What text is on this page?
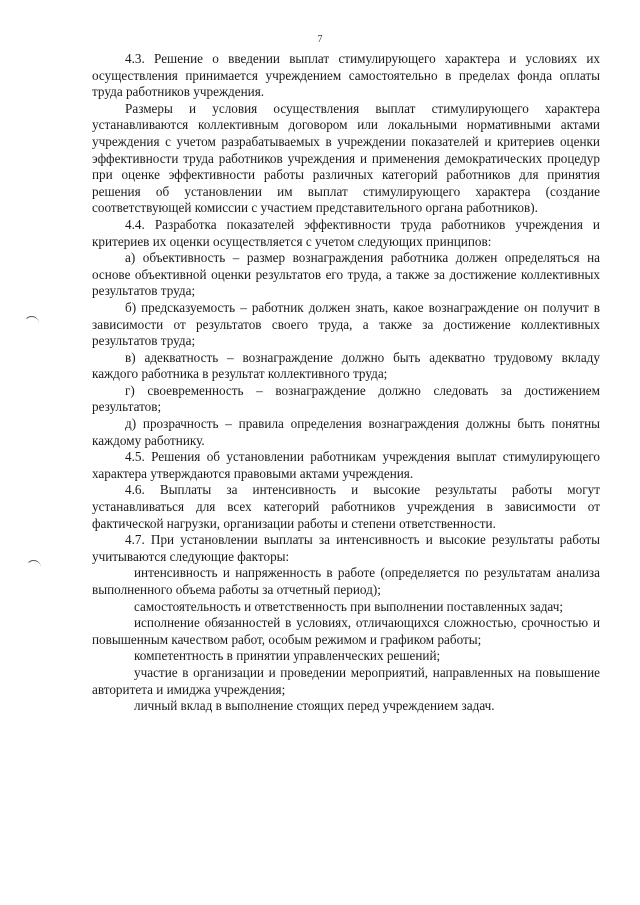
7

4.3. Решение о введении выплат стимулирующего характера и условиях их осуществления принимается учреждением самостоятельно в пределах фонда оплаты труда работников учреждения.

Размеры и условия осуществления выплат стимулирующего характера устанавливаются коллективным договором или локальными нормативными актами учреждения с учетом разрабатываемых в учреждении показателей и критериев оценки эффективности труда работников учреждения и применения демократических процедур при оценке эффективности работы различных категорий работников для принятия решения об установлении им выплат стимулирующего характера (создание соответствующей комиссии с участием представительного органа работников).

4.4. Разработка показателей эффективности труда работников учреждения и критериев их оценки осуществляется с учетом следующих принципов:

а) объективность – размер вознаграждения работника должен определяться на основе объективной оценки результатов его труда, а также за достижение коллективных результатов труда;

б) предсказуемость – работник должен знать, какое вознаграждение он получит в зависимости от результатов своего труда, а также за достижение коллективных результатов труда;

в) адекватность – вознаграждение должно быть адекватно трудовому вкладу каждого работника в результат коллективного труда;

г) своевременность – вознаграждение должно следовать за достижением результатов;

д) прозрачность – правила определения вознаграждения должны быть понятны каждому работнику.

4.5. Решения об установлении работникам учреждения выплат стимулирующего характера утверждаются правовыми актами учреждения.

4.6. Выплаты за интенсивность и высокие результаты работы могут устанавливаться для всех категорий работников учреждения в зависимости от фактической нагрузки, организации работы и степени ответственности.

4.7. При установлении выплаты за интенсивность и высокие результаты работы учитываются следующие факторы:

интенсивность и напряженность в работе (определяется по результатам анализа выполненного объема работы за отчетный период);

самостоятельность и ответственность при выполнении поставленных задач;

исполнение обязанностей в условиях, отличающихся сложностью, срочностью и повышенным качеством работ, особым режимом и графиком работы;

компетентность в принятии управленческих решений;

участие в организации и проведении мероприятий, направленных на повышение авторитета и имиджа учреждения;

личный вклад в выполнение стоящих перед учреждением задач.
